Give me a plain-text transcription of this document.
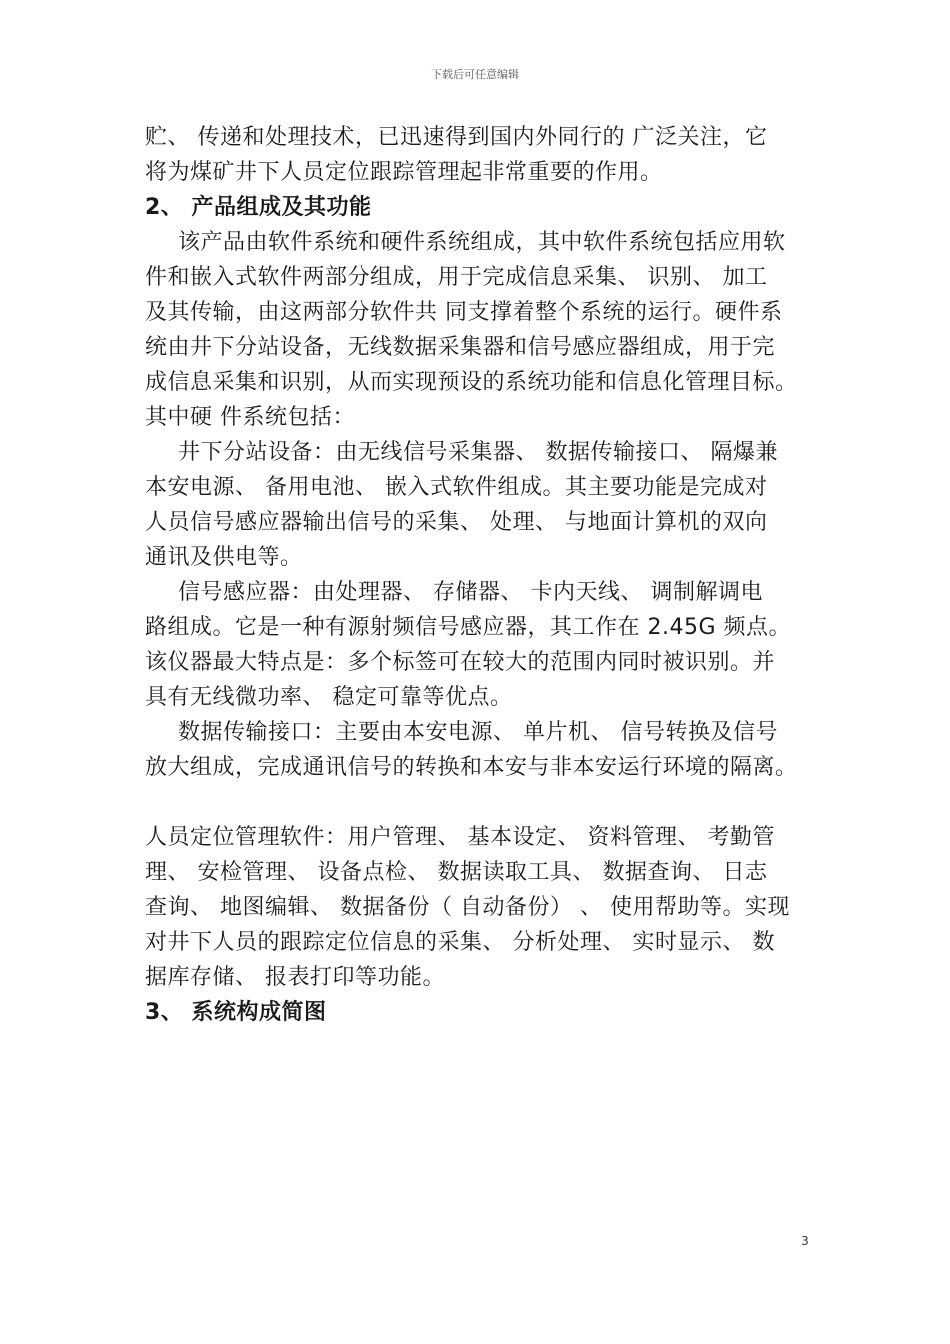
下载后可任意编辑
贮、 传递和处理技术，已迅速得到国内外同行的 广泛关注，它
将为煤矿井下人员定位跟踪管理起非常重要的作用。
2、 产品组成及其功能
该产品由软件系统和硬件系统组成，其中软件系统包括应用软
件和嵌入式软件两部分组成，用于完成信息采集、 识别、 加工
及其传输，由这两部分软件共 同支撑着整个系统的运行。硬件系
统由井下分站设备，无线数据采集器和信号感应器组成，用于完
成信息采集和识别，从而实现预设的系统功能和信息化管理目标。
其中硬 件系统包括：
井下分站设备：由无线信号采集器、 数据传输接口、 隔爆兼
本安电源、 备用电池、 嵌入式软件组成。其主要功能是完成对
人员信号感应器输出信号的采集、 处理、 与地面计算机的双向
通讯及供电等。
信号感应器：由处理器、 存储器、 卡内天线、 调制解调电
路组成。它是一种有源射频信号感应器，其工作在 2.45G 频点。
该仪器最大特点是：多个标签可在较大的范围内同时被识别。并
具有无线微功率、 稳定可靠等优点。
数据传输接口：主要由本安电源、 单片机、 信号转换及信号
放大组成，完成通讯信号的转换和本安与非本安运行环境的隔离。
人员定位管理软件：用户管理、 基本设定、 资料管理、 考勤管
理、 安检管理、 设备点检、 数据读取工具、 数据查询、 日志
查询、 地图编辑、 数据备份（ 自动备份） 、 使用帮助等。实现
对井下人员的跟踪定位信息的采集、 分析处理、 实时显示、 数
据库存储、 报表打印等功能。
3、 系统构成简图
3
